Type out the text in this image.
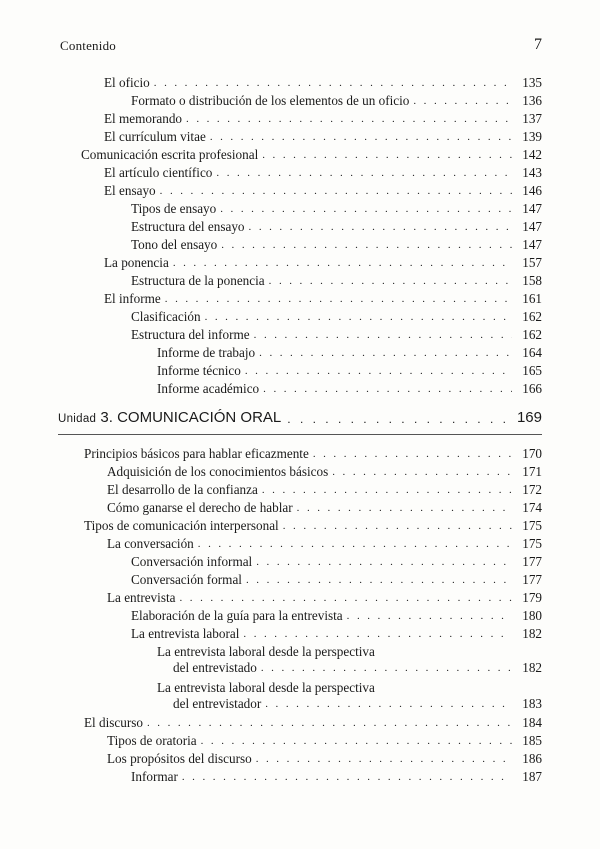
Contenido	7
El oficio . . .	135
Formato o distribución de los elementos de un oficio . . .	136
El memorando . . .	137
El currículum vitae . . .	139
Comunicación escrita profesional . . .	142
El artículo científico . . .	143
El ensayo . . .	146
Tipos de ensayo . . .	147
Estructura del ensayo . . .	147
Tono del ensayo . . .	147
La ponencia . . .	157
Estructura de la ponencia . . .	158
El informe . . .	161
Clasificación . . .	162
Estructura del informe . . .	162
Informe de trabajo . . .	164
Informe técnico . . .	165
Informe académico . . .	166
Unidad 3. COMUNICACIÓN ORAL . . .	169
Principios básicos para hablar eficazmente . . .	170
Adquisición de los conocimientos básicos . . .	171
El desarrollo de la confianza . . .	172
Cómo ganarse el derecho de hablar . . .	174
Tipos de comunicación interpersonal . . .	175
La conversación . . .	175
Conversación informal . . .	177
Conversación formal . . .	177
La entrevista . . .	179
Elaboración de la guía para la entrevista . . .	180
La entrevista laboral . . .	182
La entrevista laboral desde la perspectiva
del entrevistado . . .	182
La entrevista laboral desde la perspectiva
del entrevistador . . .	183
El discurso . . .	184
Tipos de oratoria . . .	185
Los propósitos del discurso . . .	186
Informar . . .	187
